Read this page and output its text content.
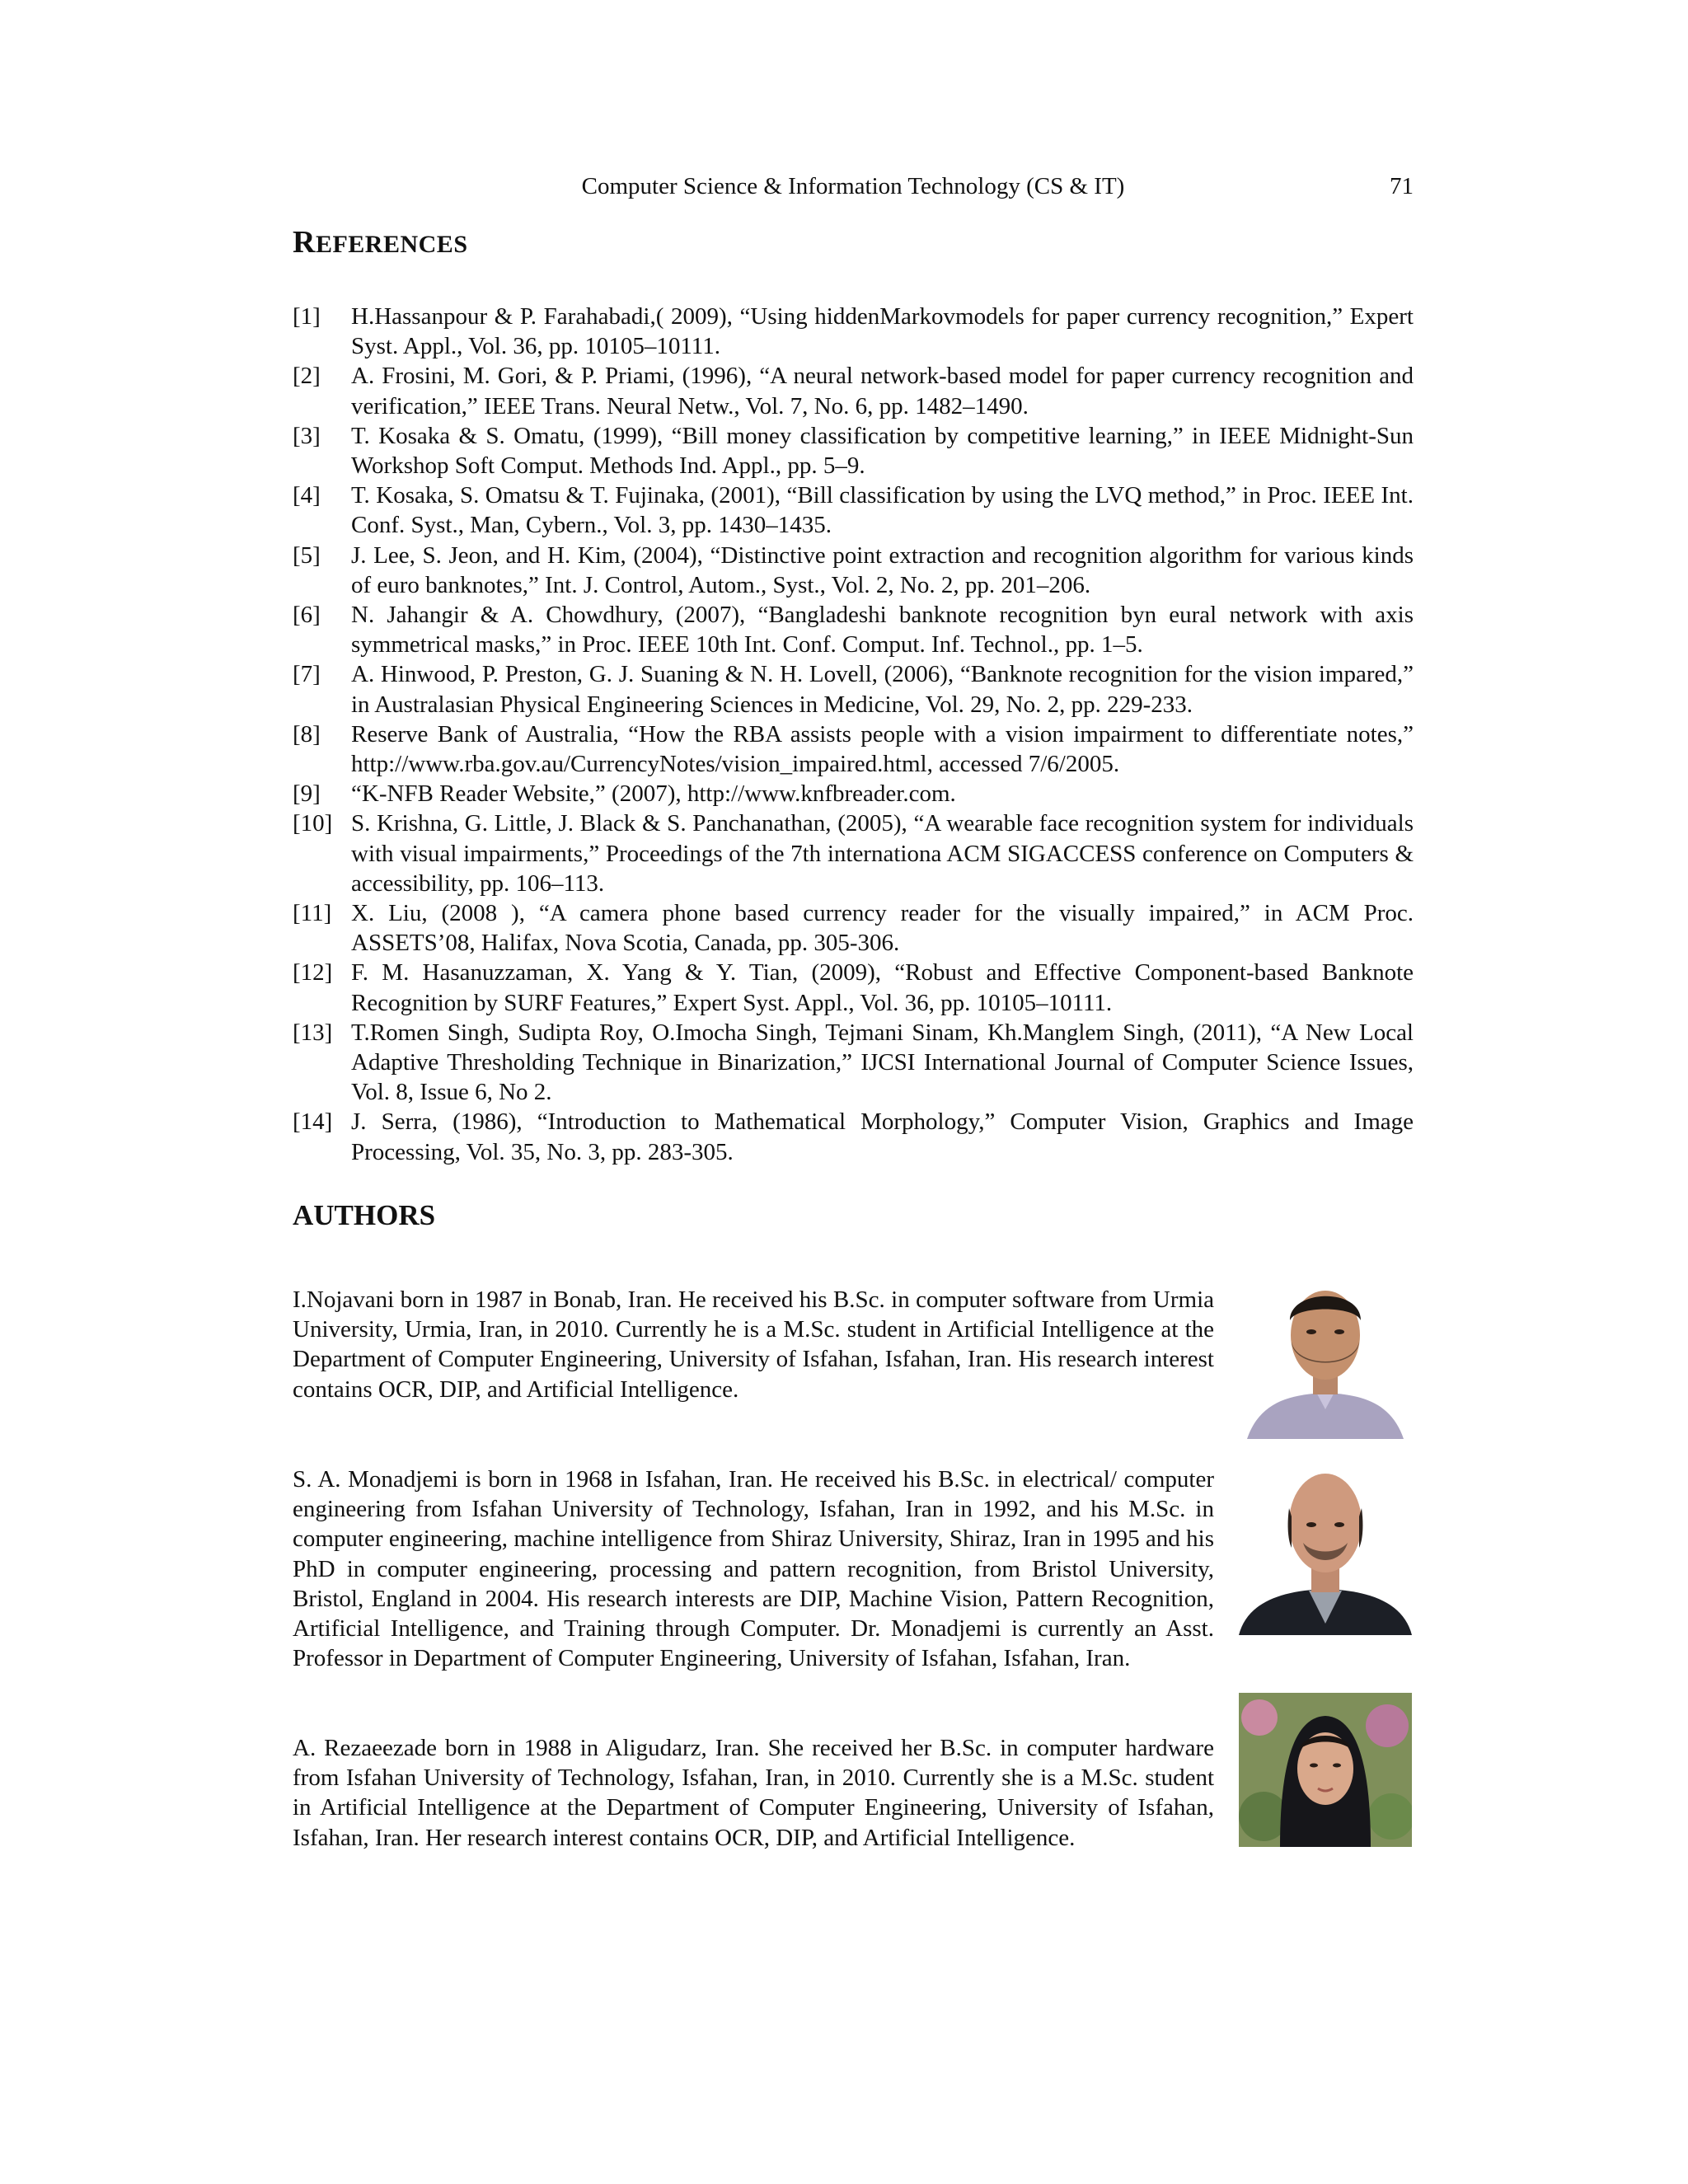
Computer Science & Information Technology (CS & IT)	71
REFERENCES
[1] H.Hassanpour & P. Farahabadi,( 2009), “Using hiddenMarkovmodels for paper currency recognition,” Expert Syst. Appl., Vol. 36, pp. 10105–10111.
[2] A. Frosini, M. Gori, & P. Priami, (1996), “A neural network-based model for paper currency recognition and verification,” IEEE Trans. Neural Netw., Vol. 7, No. 6, pp. 1482–1490.
[3] T. Kosaka & S. Omatu, (1999), “Bill money classification by competitive learning,” in IEEE Midnight-Sun Workshop Soft Comput. Methods Ind. Appl., pp. 5–9.
[4] T. Kosaka, S. Omatsu & T. Fujinaka, (2001), “Bill classification by using the LVQ method,” in Proc. IEEE Int. Conf. Syst., Man, Cybern., Vol. 3, pp. 1430–1435.
[5] J. Lee, S. Jeon, and H. Kim, (2004), “Distinctive point extraction and recognition algorithm for various kinds of euro banknotes,” Int. J. Control, Autom., Syst., Vol. 2, No. 2, pp. 201–206.
[6] N. Jahangir & A. Chowdhury, (2007), “Bangladeshi banknote recognition byn eural network with axis symmetrical masks,” in Proc. IEEE 10th Int. Conf. Comput. Inf. Technol., pp. 1–5.
[7] A. Hinwood, P. Preston, G. J. Suaning & N. H. Lovell, (2006), “Banknote recognition for the vision impared,” in Australasian Physical Engineering Sciences in Medicine, Vol. 29, No. 2, pp. 229-233.
[8] Reserve Bank of Australia, “How the RBA assists people with a vision impairment to differentiate notes,” http://www.rba.gov.au/CurrencyNotes/vision_impaired.html, accessed 7/6/2005.
[9] “K-NFB Reader Website,” (2007), http://www.knfbreader.com.
[10] S. Krishna, G. Little, J. Black & S. Panchanathan, (2005), “A wearable face recognition system for individuals with visual impairments,” Proceedings of the 7th internationa ACM SIGACCESS conference on Computers & accessibility, pp. 106–113.
[11] X. Liu, (2008 ), “A camera phone based currency reader for the visually impaired,” in ACM Proc. ASSETS’08, Halifax, Nova Scotia, Canada, pp. 305-306.
[12] F. M. Hasanuzzaman, X. Yang & Y. Tian, (2009), “Robust and Effective Component-based Banknote Recognition by SURF Features,” Expert Syst. Appl., Vol. 36, pp. 10105–10111.
[13] T.Romen Singh, Sudipta Roy, O.Imocha Singh, Tejmani Sinam, Kh.Manglem Singh, (2011), “A New Local Adaptive Thresholding Technique in Binarization,” IJCSI International Journal of Computer Science Issues, Vol. 8, Issue 6, No 2.
[14] J. Serra, (1986), “Introduction to Mathematical Morphology,” Computer Vision, Graphics and Image Processing, Vol. 35, No. 3, pp. 283-305.
AUTHORS

I.Nojavani born in 1987 in Bonab, Iran. He received his B.Sc. in computer software from Urmia University, Urmia, Iran, in 2010. Currently he is a M.Sc. student in Artificial Intelligence at the Department of Computer Engineering, University of Isfahan, Isfahan, Iran. His research interest contains OCR, DIP, and Artificial Intelligence.

S. A. Monadjemi is born in 1968 in Isfahan, Iran. He received his B.Sc. in electrical/ computer engineering from Isfahan University of Technology, Isfahan, Iran in 1992, and his M.Sc. in computer engineering, machine intelligence from Shiraz University, Shiraz, Iran in 1995 and his PhD in computer engineering, processing and pattern recognition, from Bristol University, Bristol, England in 2004. His research interests are DIP, Machine Vision, Pattern Recognition, Artificial Intelligence, and Training through Computer. Dr. Monadjemi is currently an Asst. Professor in Department of Computer Engineering, University of Isfahan, Isfahan, Iran.

A. Rezaeezade born in 1988 in Aligudarz, Iran. She received her B.Sc. in computer hardware from Isfahan University of Technology, Isfahan, Iran, in 2010. Currently she is a M.Sc. student in Artificial Intelligence at the Department of Computer Engineering, University of Isfahan, Isfahan, Iran. Her research interest contains OCR, DIP, and Artificial Intelligence.
